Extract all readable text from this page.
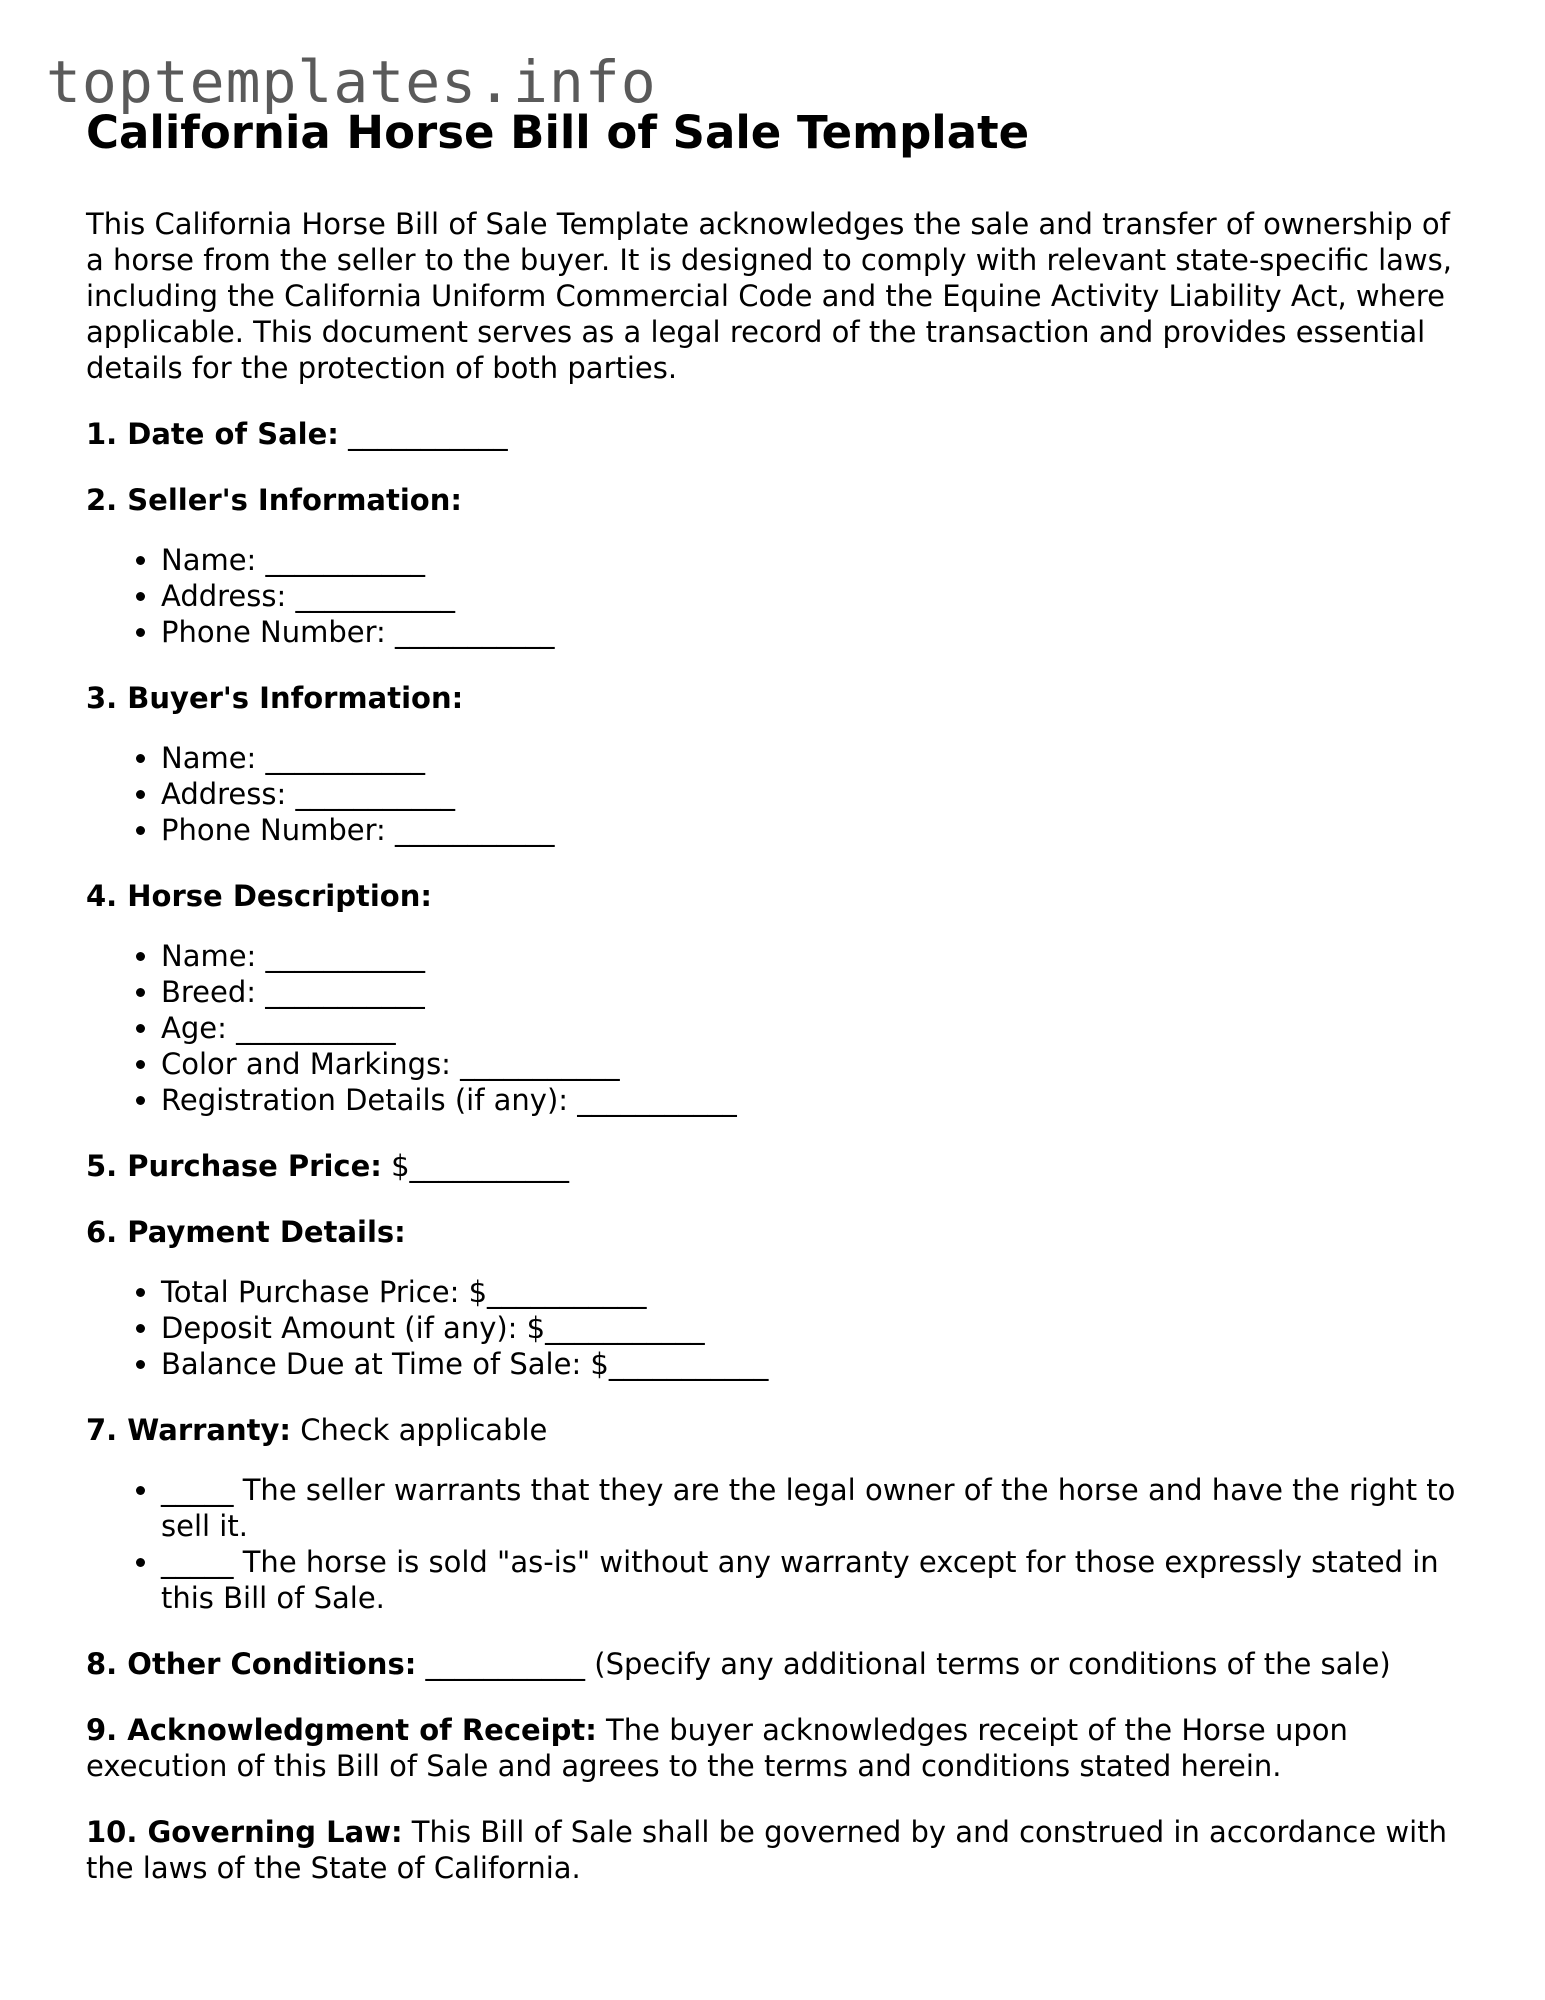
toptemplates.info
California Horse Bill of Sale Template

This California Horse Bill of Sale Template acknowledges the sale and transfer of ownership of a horse from the seller to the buyer. It is designed to comply with relevant state-specific laws, including the California Uniform Commercial Code and the Equine Activity Liability Act, where applicable. This document serves as a legal record of the transaction and provides essential details for the protection of both parties.

1. Date of Sale: ___________

2. Seller's Information:

• Name: ___________
• Address: ___________
• Phone Number: ___________

3. Buyer's Information:

• Name: ___________
• Address: ___________
• Phone Number: ___________

4. Horse Description:

• Name: ___________
• Breed: ___________
• Age: ___________
• Color and Markings: ___________
• Registration Details (if any): ___________

5. Purchase Price: $___________

6. Payment Details:

• Total Purchase Price: $___________
• Deposit Amount (if any): $___________
• Balance Due at Time of Sale: $___________

7. Warranty: Check applicable

• _____ The seller warrants that they are the legal owner of the horse and have the right to sell it.
• _____ The horse is sold "as-is" without any warranty except for those expressly stated in this Bill of Sale.

8. Other Conditions: ___________ (Specify any additional terms or conditions of the sale)

9. Acknowledgment of Receipt: The buyer acknowledges receipt of the Horse upon execution of this Bill of Sale and agrees to the terms and conditions stated herein.

10. Governing Law: This Bill of Sale shall be governed by and construed in accordance with the laws of the State of California.
